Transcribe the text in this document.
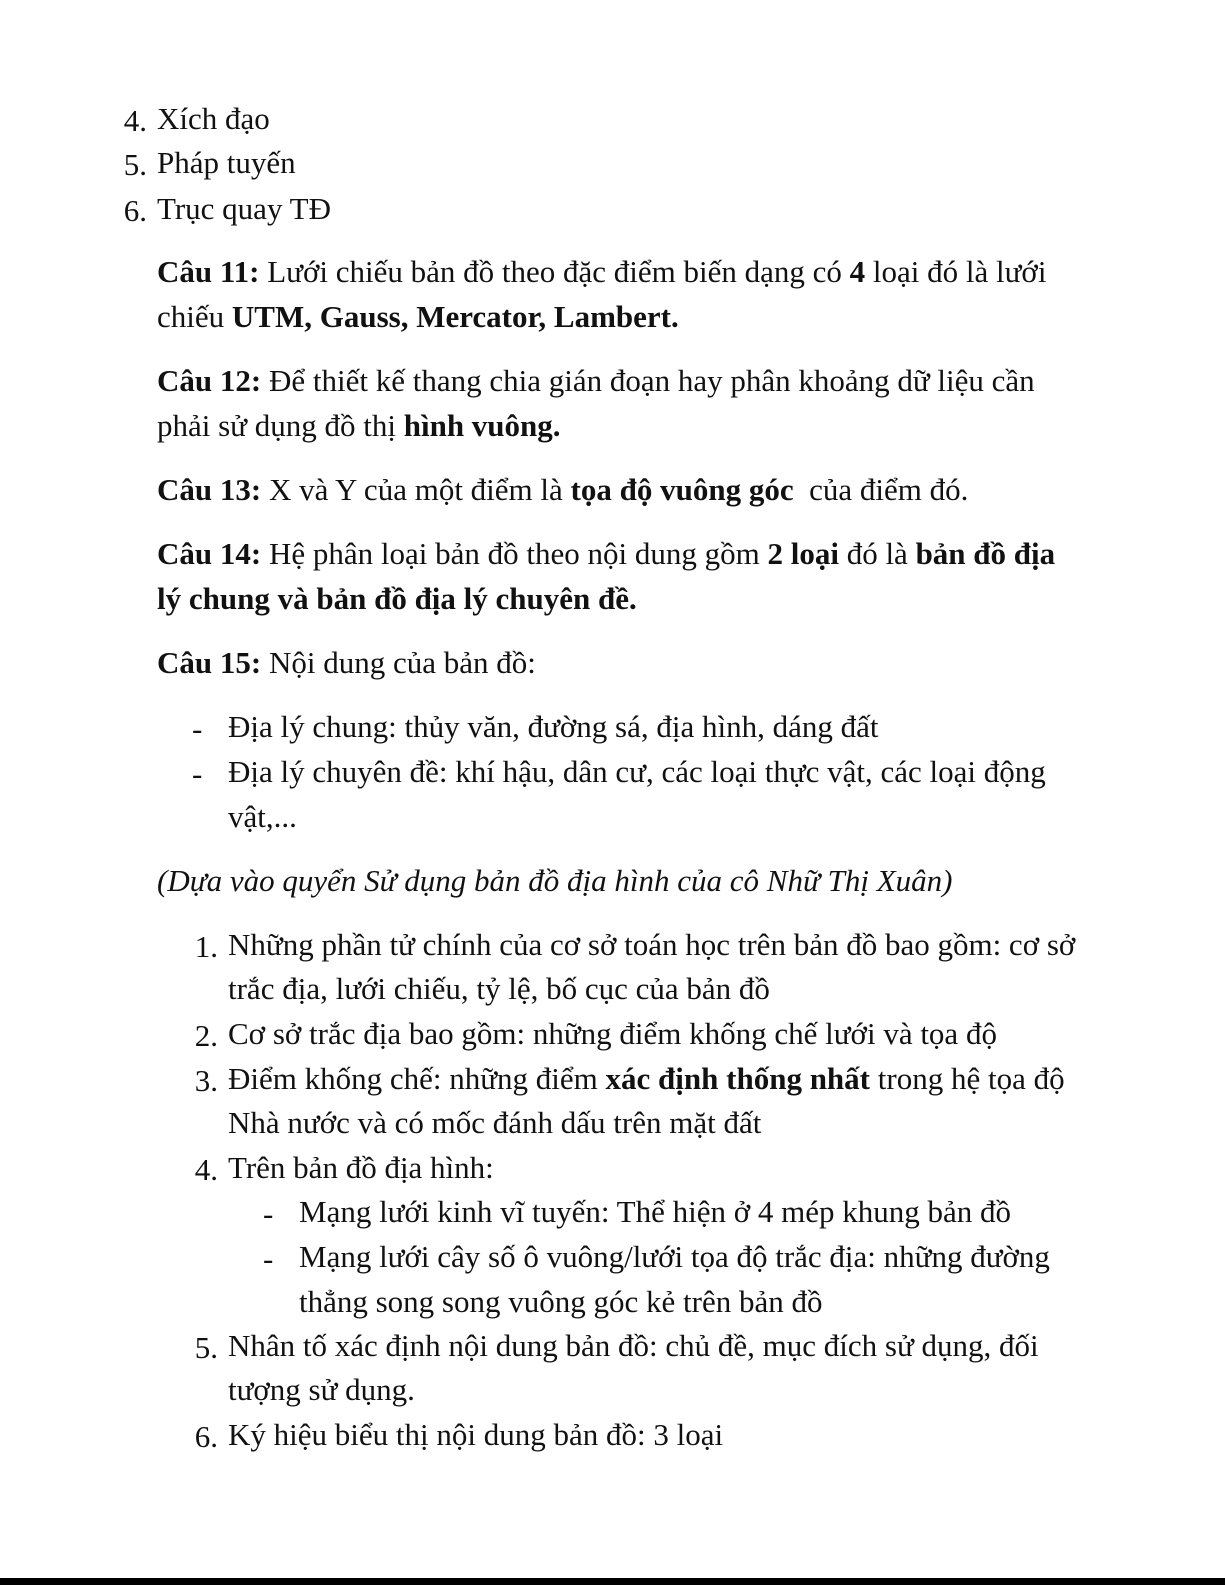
4. Xích đạo
5. Pháp tuyến
6. Trục quay TĐ
Câu 11: Lưới chiếu bản đồ theo đặc điểm biến dạng có 4 loại đó là lưới
chiếu UTM, Gauss, Mercator, Lambert.
Câu 12: Để thiết kế thang chia gián đoạn hay phân khoảng dữ liệu cần
phải sử dụng đồ thị hình vuông.
Câu 13: X và Y của một điểm là tọa độ vuông góc  của điểm đó.
Câu 14: Hệ phân loại bản đồ theo nội dung gồm 2 loại đó là bản đồ địa
lý chung và bản đồ địa lý chuyên đề.
Câu 15: Nội dung của bản đồ:
- Địa lý chung: thủy văn, đường sá, địa hình, dáng đất
- Địa lý chuyên đề: khí hậu, dân cư, các loại thực vật, các loại động
vật,...
(Dựa vào quyển Sử dụng bản đồ địa hình của cô Nhữ Thị Xuân)
1. Những phần tử chính của cơ sở toán học trên bản đồ bao gồm: cơ sở
trắc địa, lưới chiếu, tỷ lệ, bố cục của bản đồ
2. Cơ sở trắc địa bao gồm: những điểm khống chế lưới và tọa độ
3. Điểm khống chế: những điểm xác định thống nhất trong hệ tọa độ
Nhà nước và có mốc đánh dấu trên mặt đất
4. Trên bản đồ địa hình:
- Mạng lưới kinh vĩ tuyến: Thể hiện ở 4 mép khung bản đồ
- Mạng lưới cây số ô vuông/lưới tọa độ trắc địa: những đường
thẳng song song vuông góc kẻ trên bản đồ
5. Nhân tố xác định nội dung bản đồ: chủ đề, mục đích sử dụng, đối
tượng sử dụng.
6. Ký hiệu biểu thị nội dung bản đồ: 3 loại
